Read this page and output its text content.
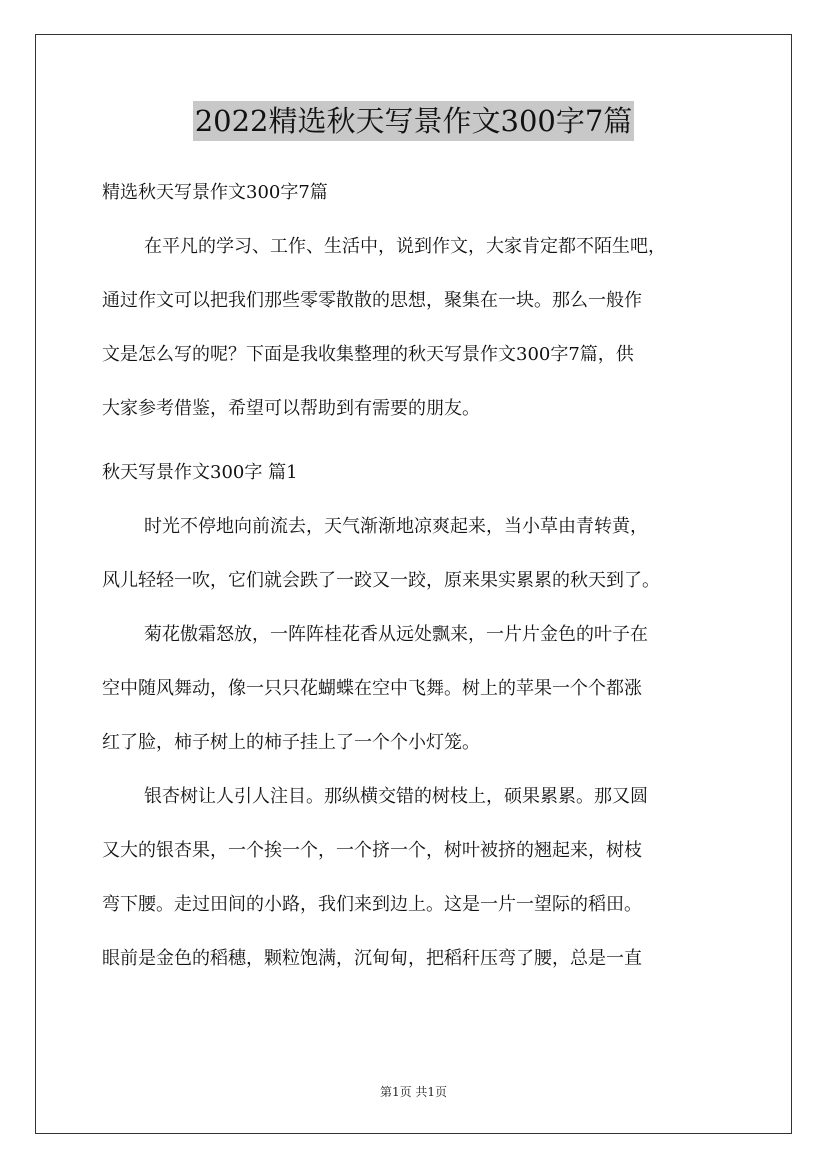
2022精选秋天写景作文300字7篇
精选秋天写景作文300字7篇
在平凡的学习、工作、生活中，说到作文，大家肯定都不陌生吧，
通过作文可以把我们那些零零散散的思想，聚集在一块。那么一般作
文是怎么写的呢？下面是我收集整理的秋天写景作文300字7篇，供
大家参考借鉴，希望可以帮助到有需要的朋友。
秋天写景作文300字 篇1
时光不停地向前流去，天气渐渐地凉爽起来，当小草由青转黄，
风儿轻轻一吹，它们就会跌了一跤又一跤，原来果实累累的秋天到了。
菊花傲霜怒放，一阵阵桂花香从远处飘来，一片片金色的叶子在
空中随风舞动，像一只只花蝴蝶在空中飞舞。树上的苹果一个个都涨
红了脸，柿子树上的柿子挂上了一个个小灯笼。
银杏树让人引人注目。那纵横交错的树枝上，硕果累累。那又圆
又大的银杏果，一个挨一个，一个挤一个，树叶被挤的翘起来，树枝
弯下腰。走过田间的小路，我们来到边上。这是一片一望际的稻田。
眼前是金色的稻穗，颗粒饱满，沉甸甸，把稻秆压弯了腰，总是一直
第1页 共1页
